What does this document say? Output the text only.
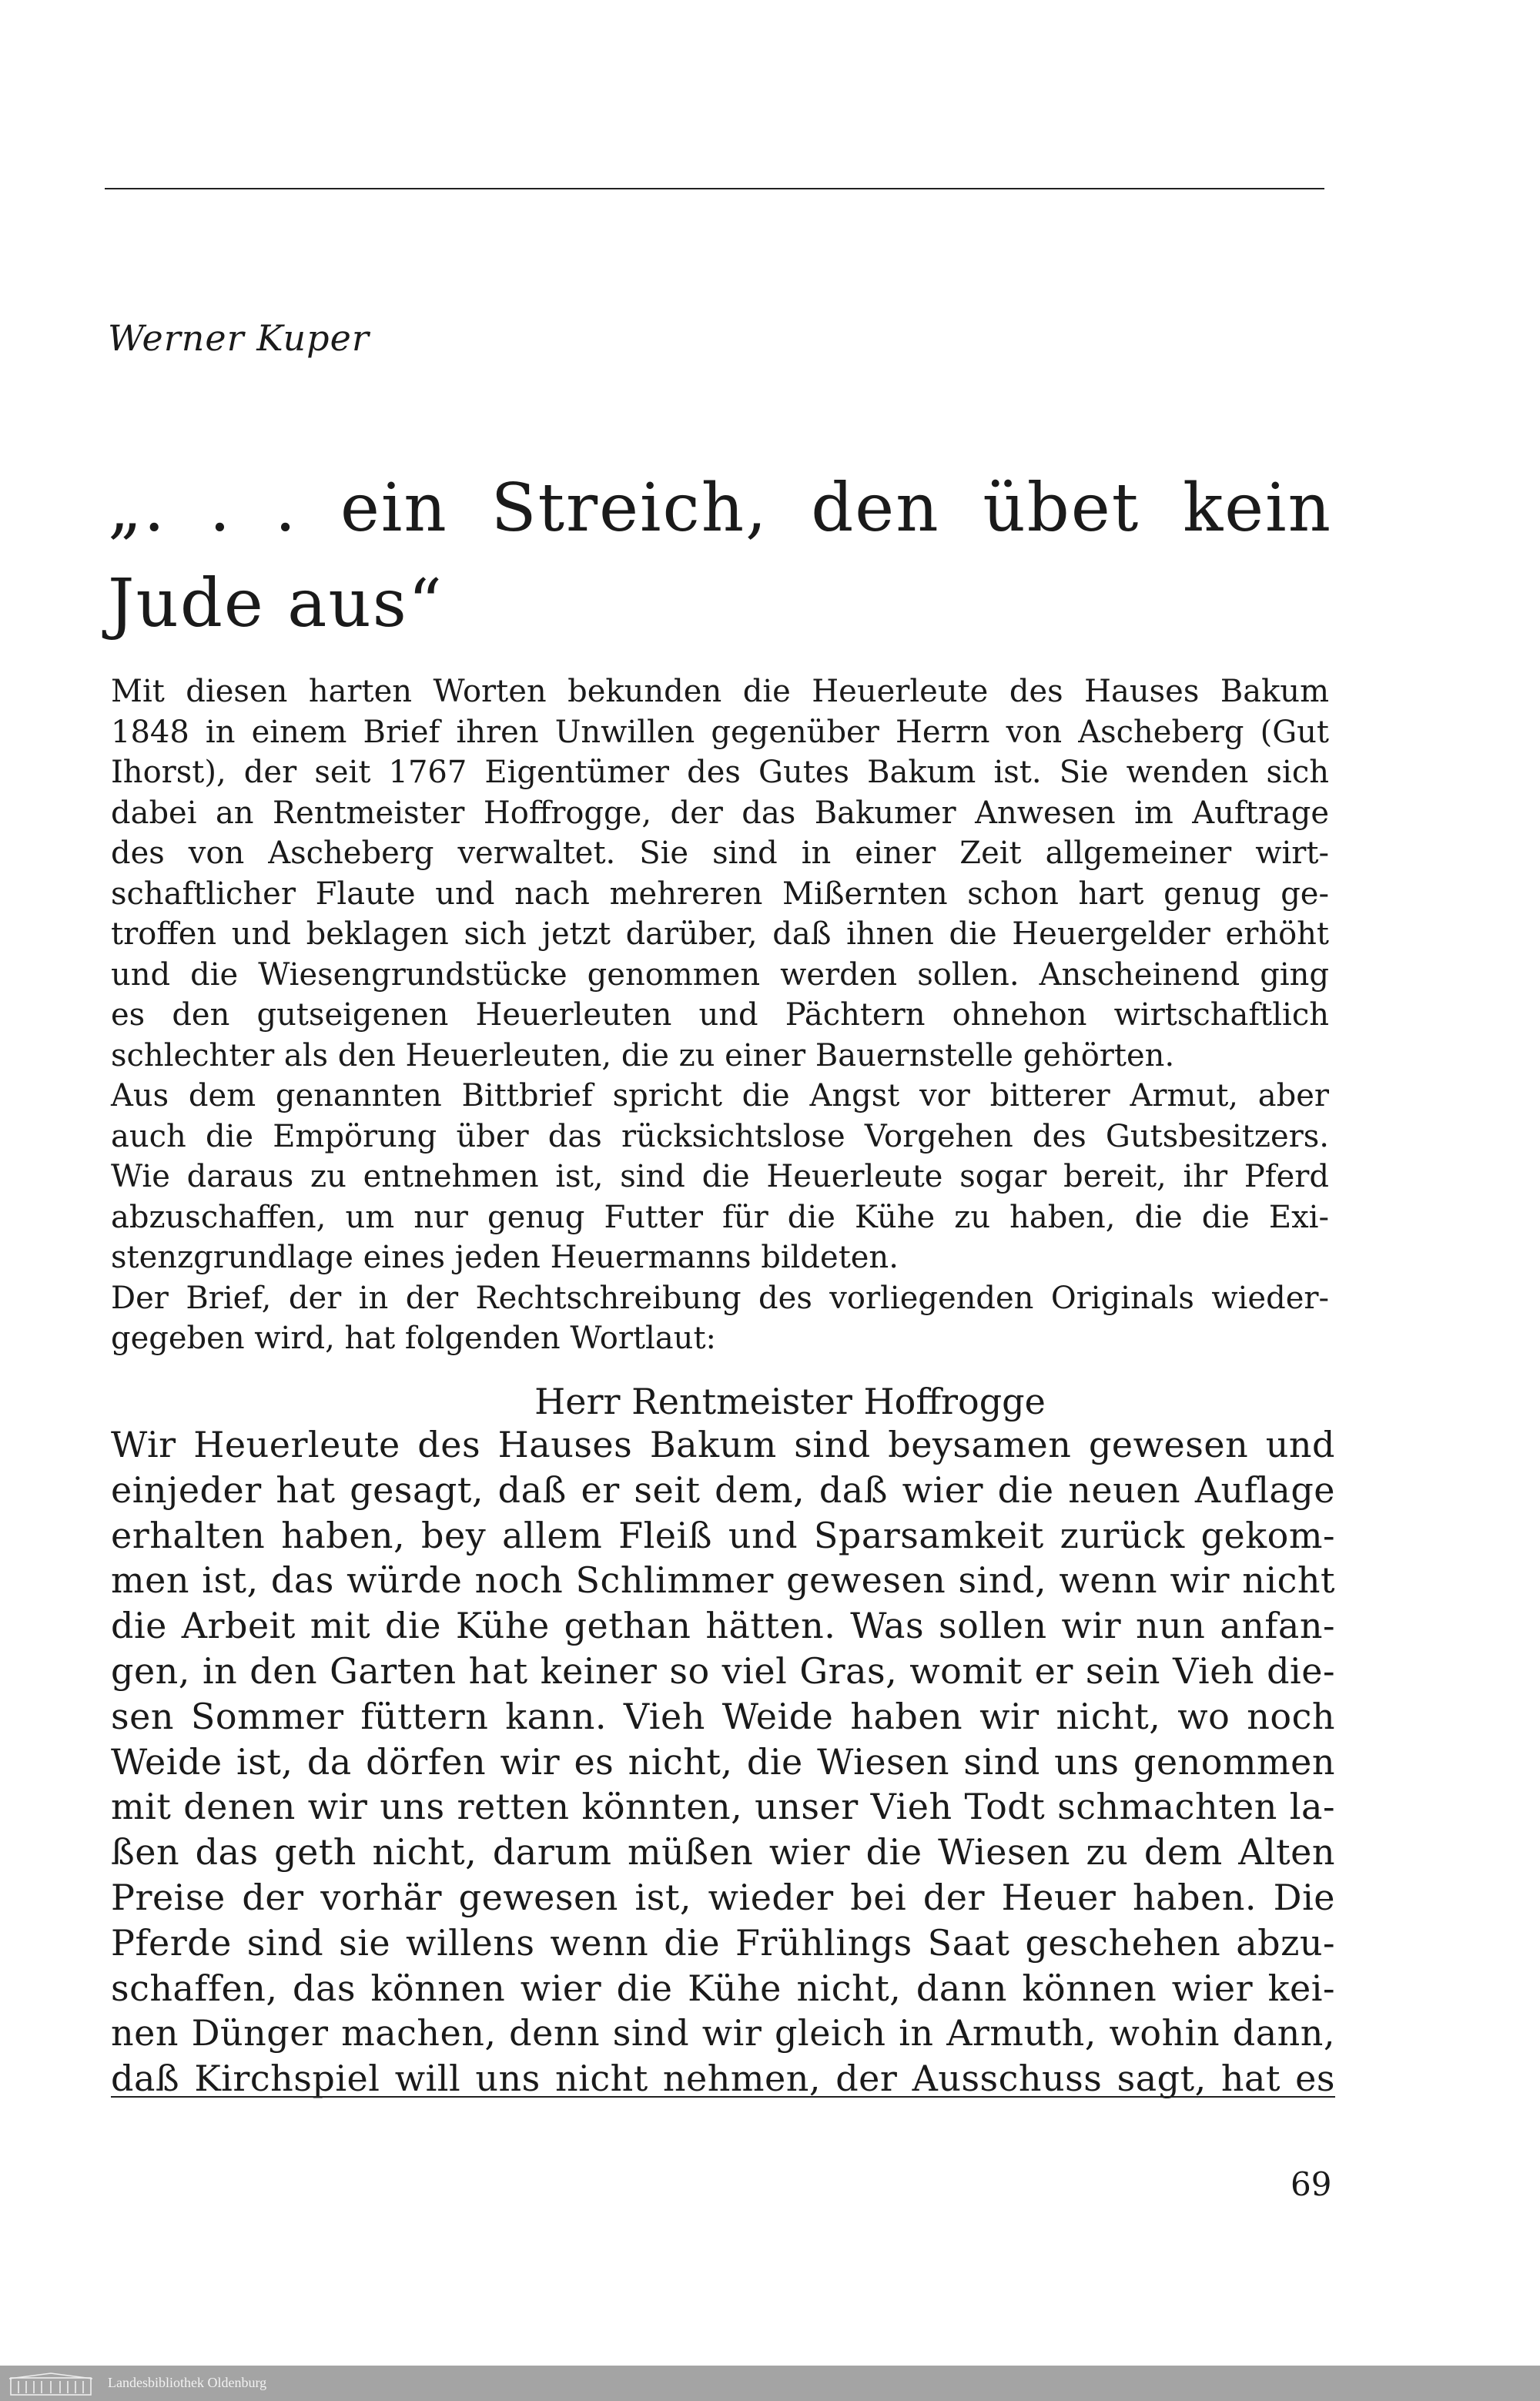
Werner Kuper
„. . . ein Streich, den übet kein
Jude aus“
Mit diesen harten Worten bekunden die Heuerleute des Hauses Bakum
1848 in einem Brief ihren Unwillen gegenüber Herrn von Ascheberg (Gut
Ihorst), der seit 1767 Eigentümer des Gutes Bakum ist. Sie wenden sich
dabei an Rentmeister Hoffrogge, der das Bakumer Anwesen im Auftrage
des von Ascheberg verwaltet. Sie sind in einer Zeit allgemeiner wirt-
schaftlicher Flaute und nach mehreren Mißernten schon hart genug ge-
troffen und beklagen sich jetzt darüber, daß ihnen die Heuergelder erhöht
und die Wiesengrundstücke genommen werden sollen. Anscheinend ging
es den gutseigenen Heuerleuten und Pächtern ohnehon wirtschaftlich
schlechter als den Heuerleuten, die zu einer Bauernstelle gehörten.
Aus dem genannten Bittbrief spricht die Angst vor bitterer Armut, aber
auch die Empörung über das rücksichtslose Vorgehen des Gutsbesitzers.
Wie daraus zu entnehmen ist, sind die Heuerleute sogar bereit, ihr Pferd
abzuschaffen, um nur genug Futter für die Kühe zu haben, die die Exi-
stenzgrundlage eines jeden Heuermanns bildeten.
Der Brief, der in der Rechtschreibung des vorliegenden Originals wieder-
gegeben wird, hat folgenden Wortlaut:
Herr Rentmeister Hoffrogge
Wir Heuerleute des Hauses Bakum sind beysamen gewesen und
einjeder hat gesagt, daß er seit dem, daß wier die neuen Auflage
erhalten haben, bey allem Fleiß und Sparsamkeit zurück gekom-
men ist, das würde noch Schlimmer gewesen sind, wenn wir nicht
die Arbeit mit die Kühe gethan hätten. Was sollen wir nun anfan-
gen, in den Garten hat keiner so viel Gras, womit er sein Vieh die-
sen Sommer füttern kann. Vieh Weide haben wir nicht, wo noch
Weide ist, da dörfen wir es nicht, die Wiesen sind uns genommen
mit denen wir uns retten könnten, unser Vieh Todt schmachten la-
ßen das geth nicht, darum müßen wier die Wiesen zu dem Alten
Preise der vorhär gewesen ist, wieder bei der Heuer haben. Die
Pferde sind sie willens wenn die Frühlings Saat geschehen abzu-
schaffen, das können wier die Kühe nicht, dann können wier kei-
nen Dünger machen, denn sind wir gleich in Armuth, wohin dann,
daß Kirchspiel will uns nicht nehmen, der Ausschuss sagt, hat es
69
Landesbibliothek Oldenburg
